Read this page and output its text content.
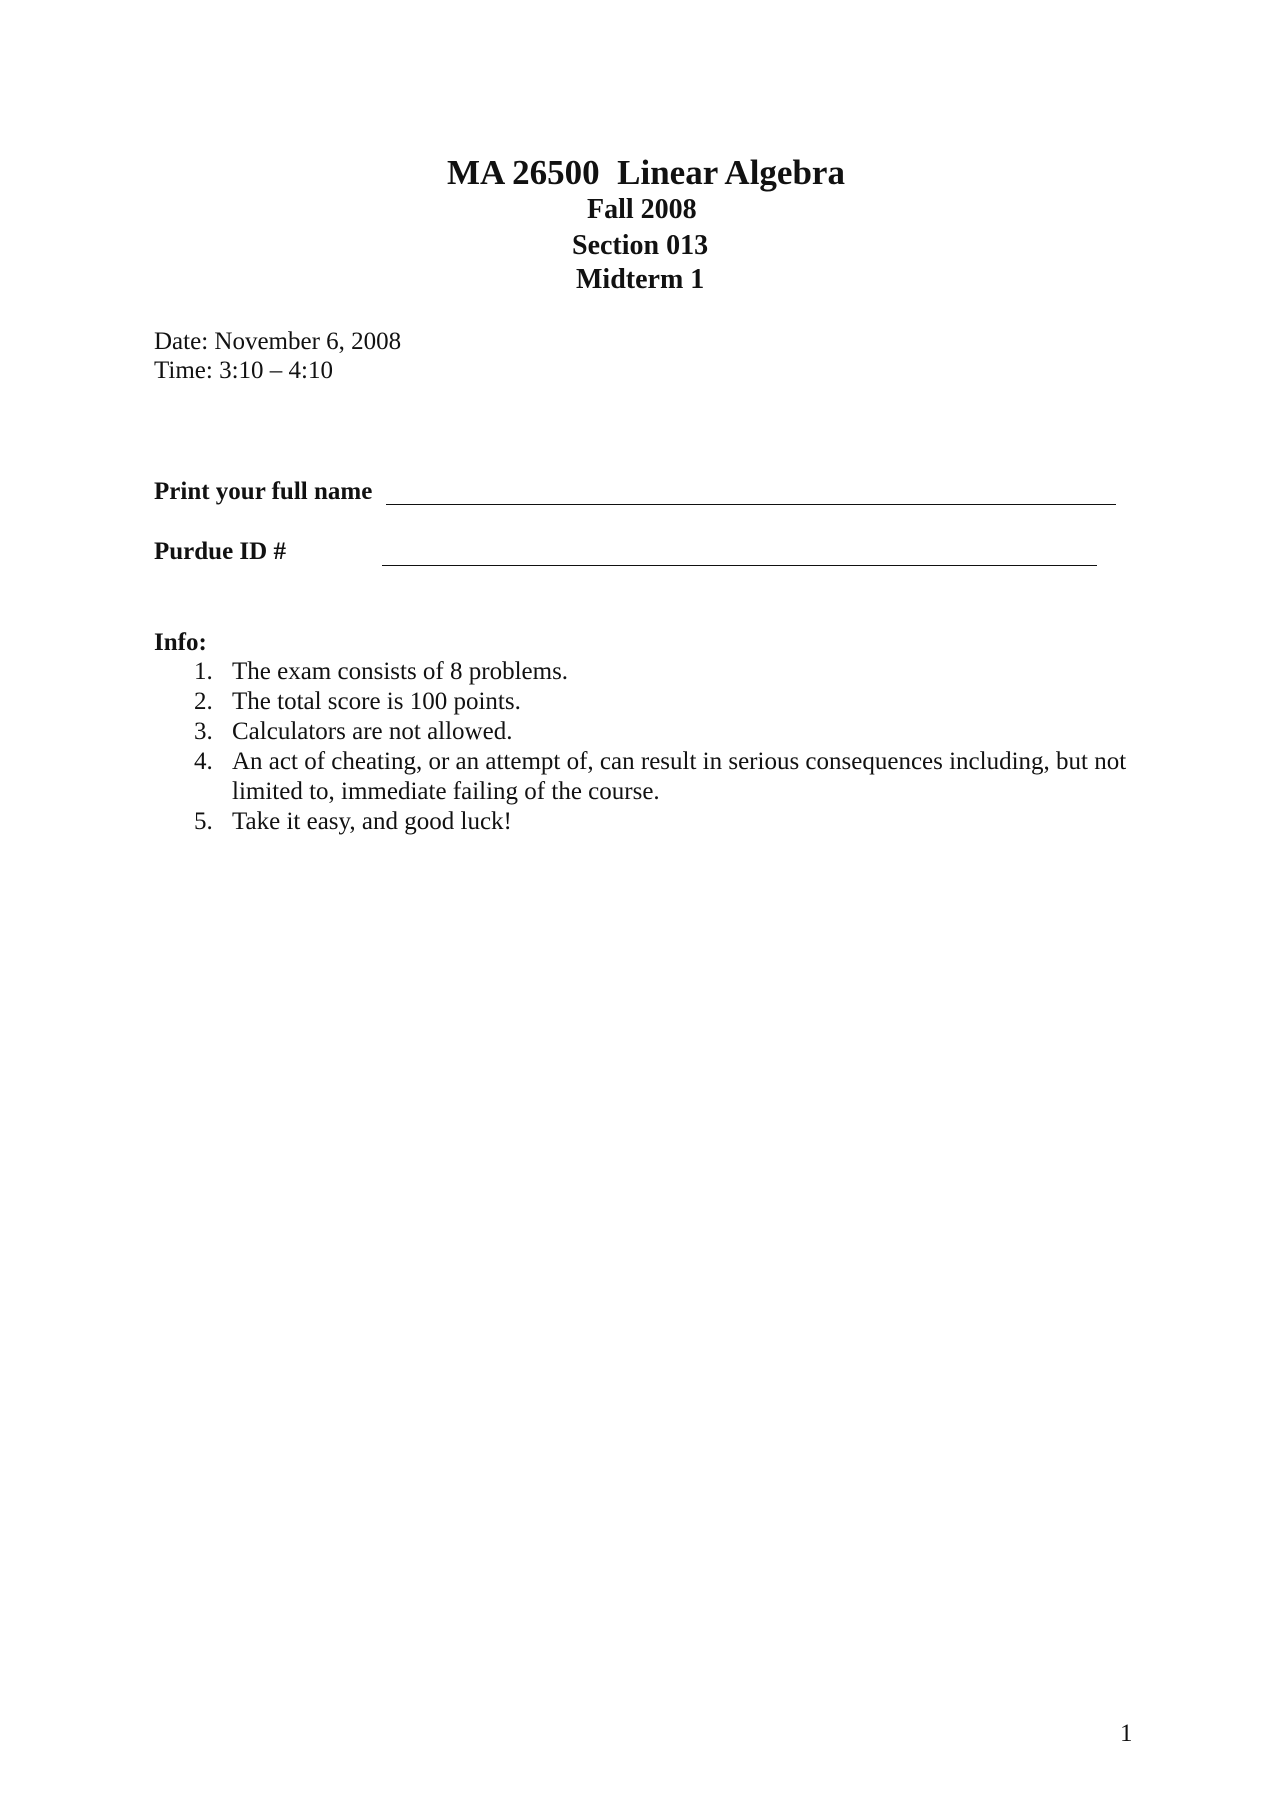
MA 26500  Linear Algebra
Fall 2008
Section 013
Midterm 1
Date: November 6, 2008
Time: 3:10 – 4:10
Print your full name
Purdue ID #
Info:
1. The exam consists of 8 problems.
2. The total score is 100 points.
3. Calculators are not allowed.
4. An act of cheating, or an attempt of, can result in serious consequences including, but not limited to, immediate failing of the course.
5. Take it easy, and good luck!
1
